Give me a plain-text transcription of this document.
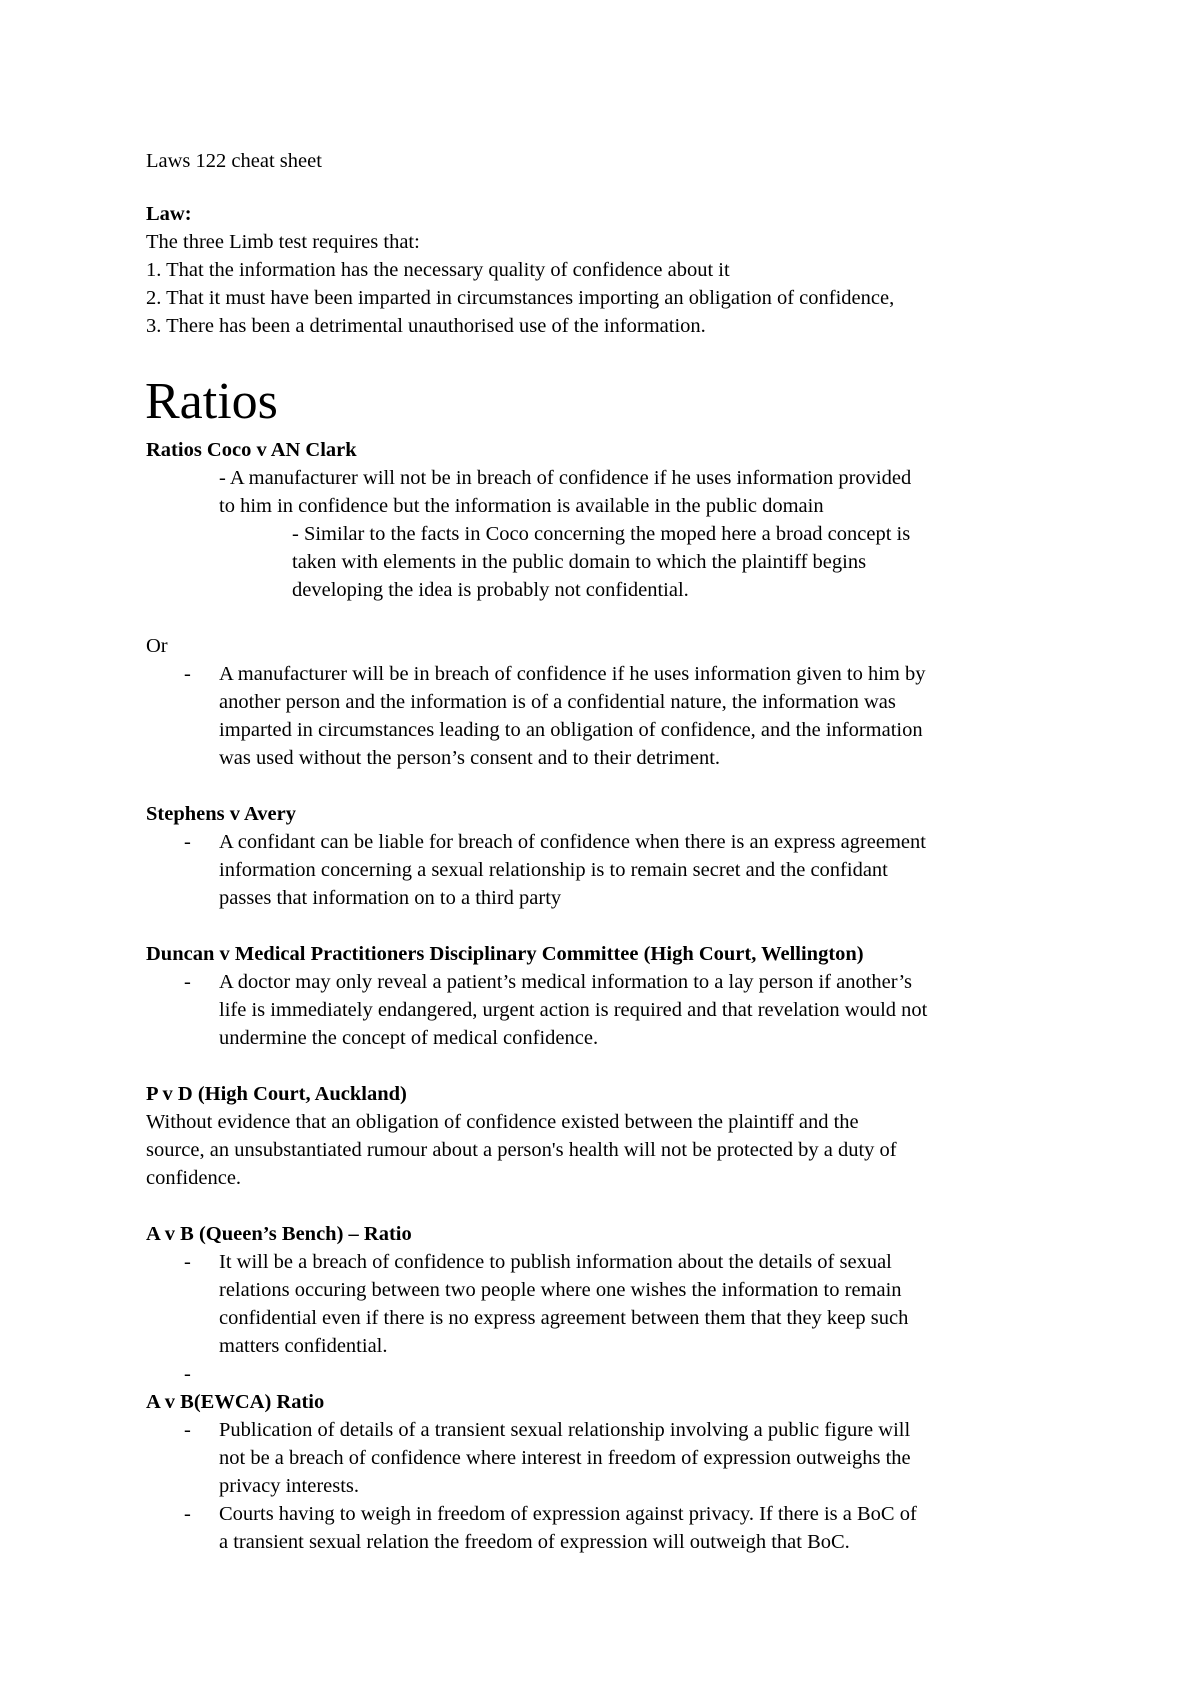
Laws 122 cheat sheet
Law:
The three Limb test requires that:
1. That the information has the necessary quality of confidence about it
2. That it must have been imparted in circumstances importing an obligation of confidence,
3. There has been a detrimental unauthorised use of the information.
Ratios
Ratios Coco v AN Clark
- A manufacturer will not be in breach of confidence if he uses information provided
to him in confidence but the information is available in the public domain
- Similar to the facts in Coco concerning the moped here a broad concept is
taken with elements in the public domain to which the plaintiff begins
developing the idea is probably not confidential.
Or
- A manufacturer will be in breach of confidence if he uses information given to him by
another person and the information is of a confidential nature, the information was
imparted in circumstances leading to an obligation of confidence, and the information
was used without the person’s consent and to their detriment.
Stephens v Avery
- A confidant can be liable for breach of confidence when there is an express agreement
information concerning a sexual relationship is to remain secret and the confidant
passes that information on to a third party
Duncan v Medical Practitioners Disciplinary Committee (High Court, Wellington)
- A doctor may only reveal a patient’s medical information to a lay person if another’s
life is immediately endangered, urgent action is required and that revelation would not
undermine the concept of medical confidence.
P v D (High Court, Auckland)
Without evidence that an obligation of confidence existed between the plaintiff and the
source, an unsubstantiated rumour about a person's health will not be protected by a duty of
confidence.
A v B (Queen’s Bench) – Ratio
- It will be a breach of confidence to publish information about the details of sexual
relations occuring between two people where one wishes the information to remain
confidential even if there is no express agreement between them that they keep such
matters confidential.
-

A v B(EWCA) Ratio
- Publication of details of a transient sexual relationship involving a public figure will
not be a breach of confidence where interest in freedom of expression outweighs the
privacy interests.
- Courts having to weigh in freedom of expression against privacy. If there is a BoC of
a transient sexual relation the freedom of expression will outweigh that BoC.
